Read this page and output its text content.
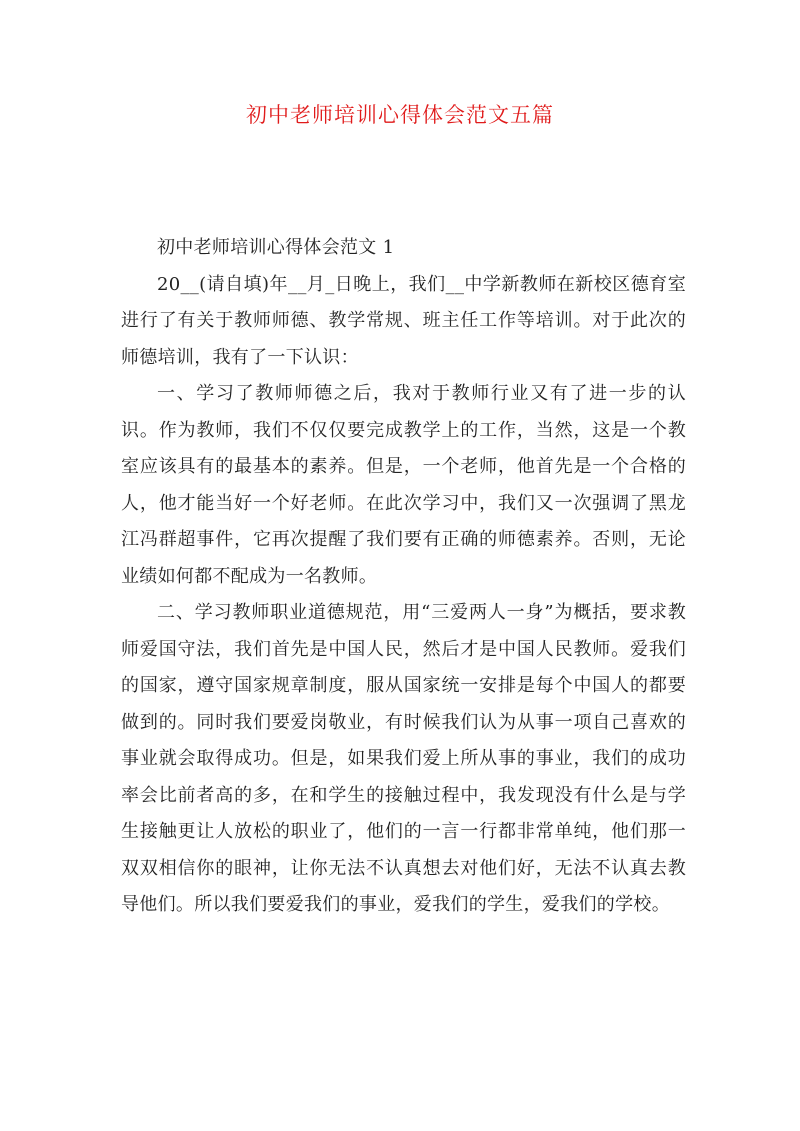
初中老师培训心得体会范文五篇

初中老师培训心得体会范文 1

20__(请自填)年__月_日晚上，我们__中学新教师在新校区德育室进行了有关于教师师德、教学常规、班主任工作等培训。对于此次的师德培训，我有了一下认识：

一、学习了教师师德之后，我对于教师行业又有了进一步的认识。作为教师，我们不仅仅要完成教学上的工作，当然，这是一个教室应该具有的最基本的素养。但是，一个老师，他首先是一个合格的人，他才能当好一个好老师。在此次学习中，我们又一次强调了黑龙江冯群超事件，它再次提醒了我们要有正确的师德素养。否则，无论业绩如何都不配成为一名教师。

二、学习教师职业道德规范，用“三爱两人一身”为概括，要求教师爱国守法，我们首先是中国人民，然后才是中国人民教师。爱我们的国家，遵守国家规章制度，服从国家统一安排是每个中国人的都要做到的。同时我们要爱岗敬业，有时候我们认为从事一项自己喜欢的事业就会取得成功。但是，如果我们爱上所从事的事业，我们的成功率会比前者高的多，在和学生的接触过程中，我发现没有什么是与学生接触更让人放松的职业了，他们的一言一行都非常单纯，他们那一双双相信你的眼神，让你无法不认真想去对他们好，无法不认真去教导他们。所以我们要爱我们的事业，爱我们的学生，爱我们的学校。
